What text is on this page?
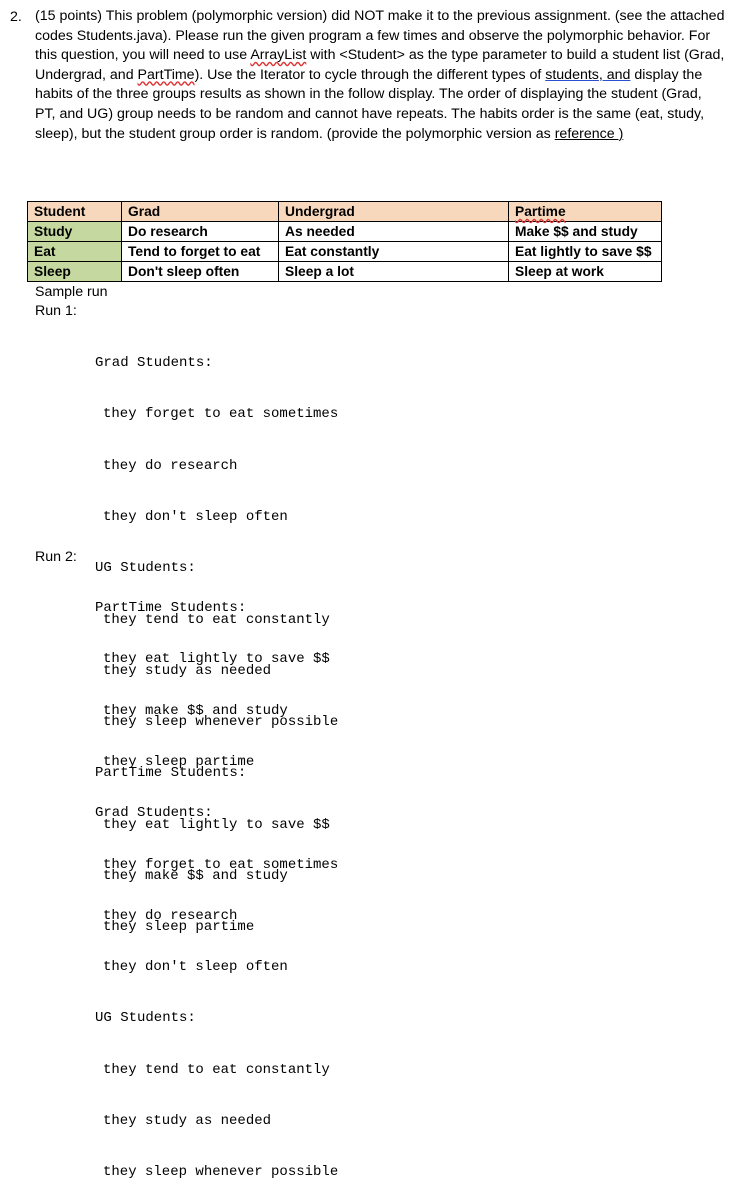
2. (15 points) This problem (polymorphic version) did NOT make it to the previous assignment. (see the attached codes Students.java). Please run the given program a few times and observe the polymorphic behavior. For this question, you will need to use ArrayList with <Student> as the type parameter to build a student list (Grad, Undergrad, and PartTime). Use the Iterator to cycle through the different types of students, and display the habits of the three groups results as shown in the follow display. The order of displaying the student (Grad, PT, and UG) group needs to be random and cannot have repeats. The habits order is the same (eat, study, sleep), but the student group order is random. (provide the polymorphic version as reference )
Student	Grad	Undergrad	Partime
Study	Do research	As needed	Make $$ and study
Eat	Tend to forget to eat	Eat constantly	Eat lightly to save $$
Sleep	Don't sleep often	Sleep a lot	Sleep at work
Sample run
Run 1:

Grad Students:

they forget to eat sometimes

they do research

they don't sleep often

UG Students:

they tend to eat constantly

they study as needed

they sleep whenever possible

PartTime Students:

they eat lightly to save $$

they make $$ and study

they sleep partime

Run 2:

PartTime Students:

they eat lightly to save $$

they make $$ and study

they sleep partime

Grad Students:

they forget to eat sometimes

they do research

they don't sleep often

UG Students:

they tend to eat constantly

they study as needed

they sleep whenever possible
